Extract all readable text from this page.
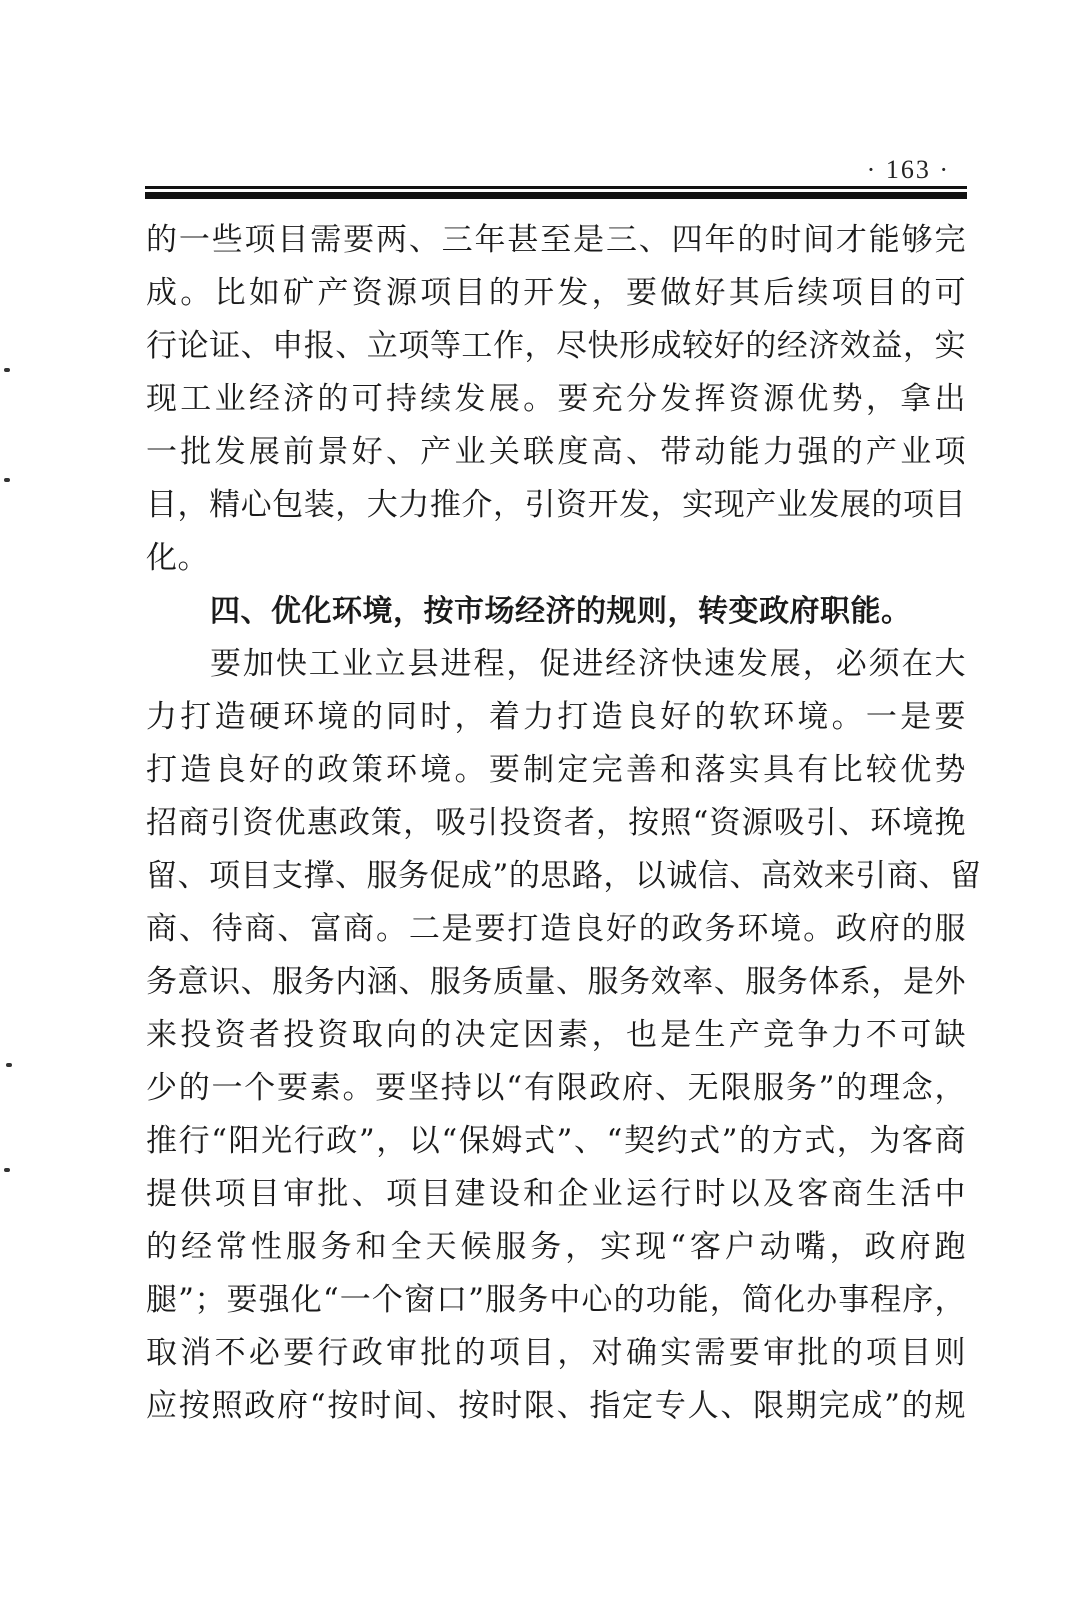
· 163 ·
的一些项目需要两、三年甚至是三、四年的时间才能够完
成。比如矿产资源项目的开发，要做好其后续项目的可
行论证、申报、立项等工作，尽快形成较好的经济效益，实
现工业经济的可持续发展。要充分发挥资源优势，拿出
一批发展前景好、产业关联度高、带动能力强的产业项
目，精心包装，大力推介，引资开发，实现产业发展的项目
化。
四、优化环境，按市场经济的规则，转变政府职能。
要加快工业立县进程，促进经济快速发展，必须在大
力打造硬环境的同时，着力打造良好的软环境。一是要
打造良好的政策环境。要制定完善和落实具有比较优势
招商引资优惠政策，吸引投资者，按照“资源吸引、环境挽
留、项目支撑、服务促成”的思路，以诚信、高效来引商、留
商、待商、富商。二是要打造良好的政务环境。政府的服
务意识、服务内涵、服务质量、服务效率、服务体系，是外
来投资者投资取向的决定因素，也是生产竞争力不可缺
少的一个要素。要坚持以“有限政府、无限服务”的理念，
推行“阳光行政”，以“保姆式”、“契约式”的方式，为客商
提供项目审批、项目建设和企业运行时以及客商生活中
的经常性服务和全天候服务，实现“客户动嘴，政府跑
腿”；要强化“一个窗口”服务中心的功能，简化办事程序，
取消不必要行政审批的项目，对确实需要审批的项目则
应按照政府“按时间、按时限、指定专人、限期完成”的规
